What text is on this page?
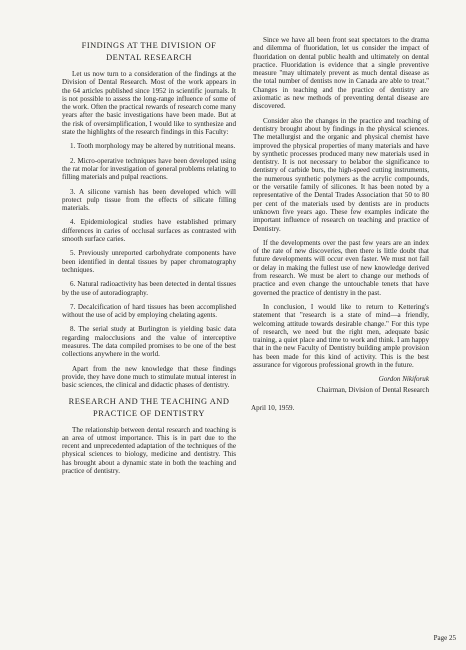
FINDINGS AT THE DIVISION OF
DENTAL RESEARCH

Let us now turn to a consideration of the findings at the Division of Dental Research. Most of the work appears in the 64 articles published since 1952 in scientific journals. It is not possible to assess the long-range influence of some of the work. Often the practical rewards of research come many years after the basic investigations have been made. But at the risk of oversimplification, I would like to synthesize and state the highlights of the research findings in this Faculty:

1. Tooth morphology may be altered by nutritional means.

2. Micro-operative techniques have been developed using the rat molar for investigation of general problems relating to filling materials and pulpal reactions.

3. A silicone varnish has been developed which will protect pulp tissue from the effects of silicate filling materials.

4. Epidemiological studies have established primary differences in caries of occlusal surfaces as contrasted with smooth surface caries.

5. Previously unreported carbohydrate components have been identified in dental tissues by paper chromatography techniques.

6. Natural radioactivity has been detected in dental tissues by the use of autoradiography.

7. Decalcification of hard tissues has been accomplished without the use of acid by employing chelating agents.

8. The serial study at Burlington is yielding basic data regarding malocclusions and the value of interceptive measures. The data compiled promises to be one of the best collections anywhere in the world.

Apart from the new knowledge that these findings provide, they have done much to stimulate mutual interest in basic sciences, the clinical and didactic phases of dentistry.

RESEARCH AND THE TEACHING AND
PRACTICE OF DENTISTRY

The relationship between dental research and teaching is an area of utmost importance. This is in part due to the recent and unprecedented adaptation of the techniques of the physical sciences to biology, medicine and dentistry. This has brought about a dynamic state in both the teaching and practice of dentistry.

Since we have all been front seat spectators to the drama and dilemma of fluoridation, let us consider the impact of fluoridation on dental public health and ultimately on dental practice. Fluoridation is evidence that a single preventive measure "may ultimately prevent as much dental disease as the total number of dentists now in Canada are able to treat." Changes in teaching and the practice of dentistry are axiomatic as new methods of preventing dental disease are discovered.

Consider also the changes in the practice and teaching of dentistry brought about by findings in the physical sciences. The metallurgist and the organic and physical chemist have improved the physical properties of many materials and have by synthetic processes produced many new materials used in dentistry. It is not necessary to belabor the significance to dentistry of carbide burs, the high-speed cutting instruments, the numerous synthetic polymers as the acrylic compounds, or the versatile family of silicones. It has been noted by a representative of the Dental Trades Association that 50 to 80 per cent of the materials used by dentists are in products unknown five years ago. These few examples indicate the important influence of research on teaching and practice of Dentistry.

If the developments over the past few years are an index of the rate of new discoveries, then there is little doubt that future developments will occur even faster. We must not fail or delay in making the fullest use of new knowledge derived from research. We must be alert to change our methods of practice and even change the untouchable tenets that have governed the practice of dentistry in the past.

In conclusion, I would like to return to Kettering's statement that "research is a state of mind—a friendly, welcoming attitude towards desirable change." For this type of research, we need but the right men, adequate basic training, a quiet place and time to work and think. I am happy that in the new Faculty of Dentistry building ample provision has been made for this kind of activity. This is the best assurance for vigorous professional growth in the future.

Gordon Nikiforuk
Chairman, Division of Dental Research
April 10, 1959.
Page 25
